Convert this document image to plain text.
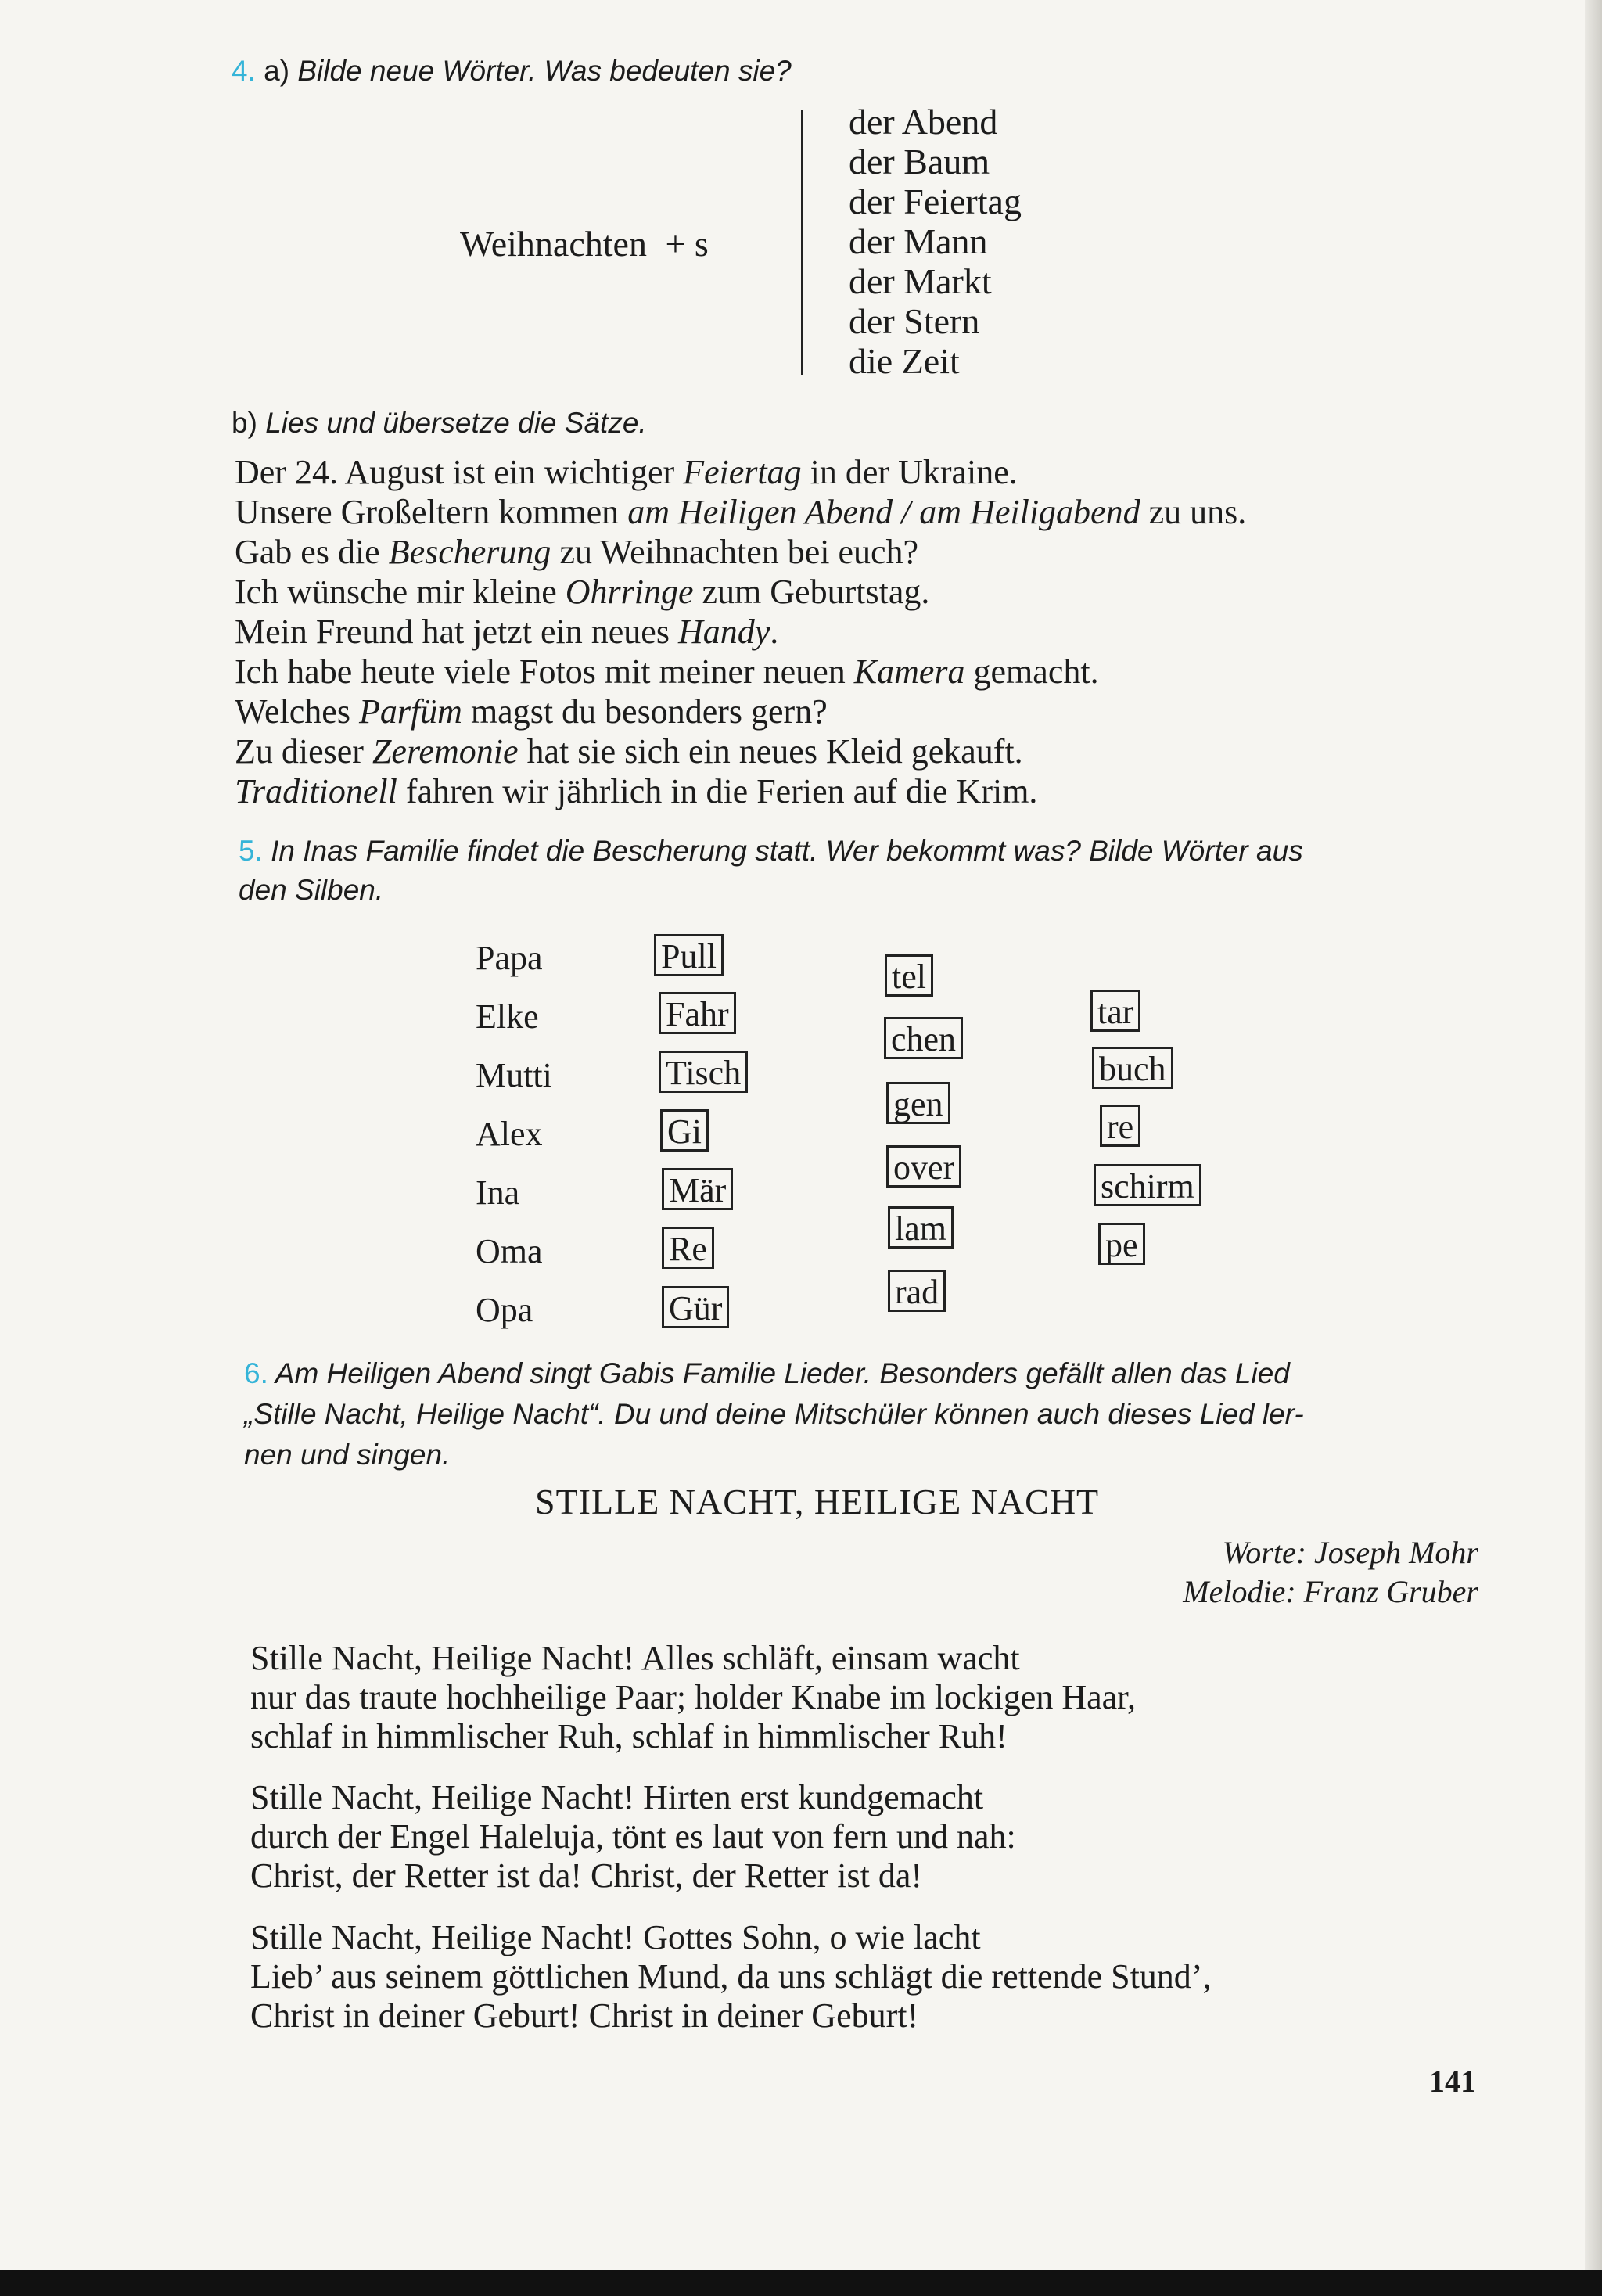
4. a) Bilde neue Wörter. Was bedeuten sie?
Weihnachten + s
der Abend
der Baum
der Feiertag
der Mann
der Markt
der Stern
die Zeit
b) Lies und übersetze die Sätze.
Der 24. August ist ein wichtiger Feiertag in der Ukraine.
Unsere Großeltern kommen am Heiligen Abend / am Heiligabend zu uns.
Gab es die Bescherung zu Weihnachten bei euch?
Ich wünsche mir kleine Ohrringe zum Geburtstag.
Mein Freund hat jetzt ein neues Handy.
Ich habe heute viele Fotos mit meiner neuen Kamera gemacht.
Welches Parfüm magst du besonders gern?
Zu dieser Zeremonie hat sie sich ein neues Kleid gekauft.
Traditionell fahren wir jährlich in die Ferien auf die Krim.
5. In Inas Familie findet die Bescherung statt. Wer bekommt was? Bilde Wörter aus
den Silben.
Papa
Elke
Mutti
Alex
Ina
Oma
Opa
Pull
Fahr
Tisch
Gi
Mär
Re
Gür
tel
chen
gen
over
lam
rad
tar
buch
re
schirm
pe
6. Am Heiligen Abend singt Gabis Familie Lieder. Besonders gefällt allen das Lied
„Stille Nacht, Heilige Nacht“. Du und deine Mitschüler können auch dieses Lied ler-
nen und singen.
STILLE NACHT, HEILIGE NACHT
Worte: Joseph Mohr
Melodie: Franz Gruber
Stille Nacht, Heilige Nacht! Alles schläft, einsam wacht
nur das traute hochheilige Paar; holder Knabe im lockigen Haar,
schlaf in himmlischer Ruh, schlaf in himmlischer Ruh!
Stille Nacht, Heilige Nacht! Hirten erst kundgemacht
durch der Engel Haleluja, tönt es laut von fern und nah:
Christ, der Retter ist da! Christ, der Retter ist da!
Stille Nacht, Heilige Nacht! Gottes Sohn, o wie lacht
Lieb’ aus seinem göttlichen Mund, da uns schlägt die rettende Stund’,
Christ in deiner Geburt! Christ in deiner Geburt!
141
